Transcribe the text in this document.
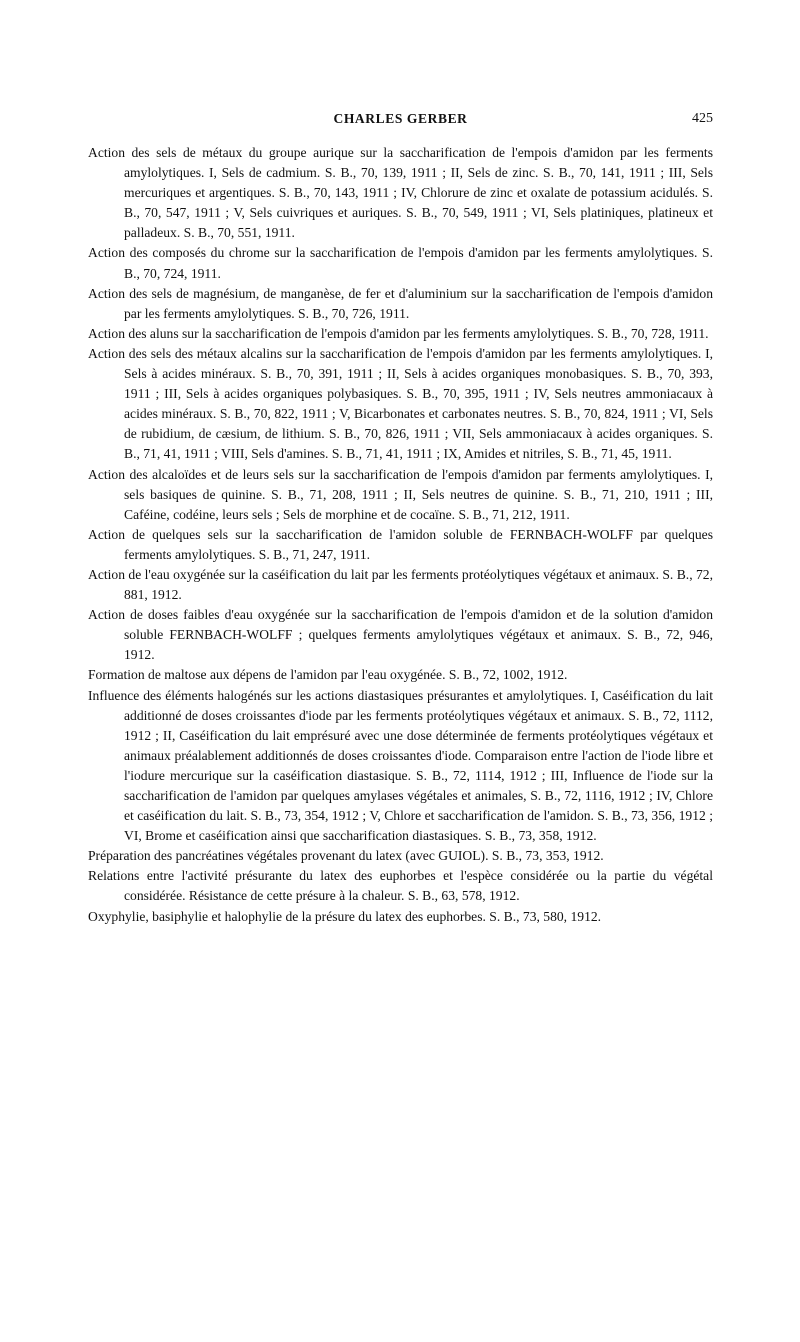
CHARLES GERBER	425
Action des sels de métaux du groupe aurique sur la saccharification de l'empois d'amidon par les ferments amylolytiques. I, Sels de cadmium. S. B., 70, 139, 1911 ; II, Sels de zinc. S. B., 70, 141, 1911 ; III, Sels mercuriques et argentiques. S. B., 70, 143, 1911 ; IV, Chlorure de zinc et oxalate de potassium acidulés. S. B., 70, 547, 1911 ; V, Sels cuivriques et auriques. S. B., 70, 549, 1911 ; VI, Sels platiniques, platineux et palladeux. S. B., 70, 551, 1911.
Action des composés du chrome sur la saccharification de l'empois d'amidon par les ferments amylolytiques. S. B., 70, 724, 1911.
Action des sels de magnésium, de manganèse, de fer et d'aluminium sur la saccharification de l'empois d'amidon par les ferments amylolytiques. S. B., 70, 726, 1911.
Action des aluns sur la saccharification de l'empois d'amidon par les ferments amylolytiques. S. B., 70, 728, 1911.
Action des sels des métaux alcalins sur la saccharification de l'empois d'amidon par les ferments amylolytiques. I, Sels à acides minéraux. S. B., 70, 391, 1911 ; II, Sels à acides organiques monobasiques. S. B., 70, 393, 1911 ; III, Sels à acides organiques polybasiques. S. B., 70, 395, 1911 ; IV, Sels neutres ammoniacaux à acides minéraux. S. B., 70, 822, 1911 ; V, Bicarbonates et carbonates neutres. S. B., 70, 824, 1911 ; VI, Sels de rubidium, de cæsium, de lithium. S. B., 70, 826, 1911 ; VII, Sels ammoniacaux à acides organiques. S. B., 71, 41, 1911 ; VIII, Sels d'amines. S. B., 71, 41, 1911 ; IX, Amides et nitriles, S. B., 71, 45, 1911.
Action des alcaloïdes et de leurs sels sur la saccharification de l'empois d'amidon par ferments amylolytiques. I, sels basiques de quinine. S. B., 71, 208, 1911 ; II, Sels neutres de quinine. S. B., 71, 210, 1911 ; III, Caféine, codéine, leurs sels ; Sels de morphine et de cocaïne. S. B., 71, 212, 1911.
Action de quelques sels sur la saccharification de l'amidon soluble de FERNBACH-WOLFF par quelques ferments amylolytiques. S. B., 71, 247, 1911.
Action de l'eau oxygénée sur la caséification du lait par les ferments protéolytiques végétaux et animaux. S. B., 72, 881, 1912.
Action de doses faibles d'eau oxygénée sur la saccharification de l'empois d'amidon et de la solution d'amidon soluble FERNBACH-WOLFF ; quelques ferments amylolytiques végétaux et animaux. S. B., 72, 946, 1912.
Formation de maltose aux dépens de l'amidon par l'eau oxygénée. S. B., 72, 1002, 1912.
Influence des éléments halogénés sur les actions diastasiques présurantes et amylolytiques. I, Caséification du lait additionné de doses croissantes d'iode par les ferments protéolytiques végétaux et animaux. S. B., 72, 1112, 1912 ; II, Caséification du lait emprésuré avec une dose déterminée de ferments protéolytiques végétaux et animaux préalablement additionnés de doses croissantes d'iode. Comparaison entre l'action de l'iode libre et l'iodure mercurique sur la caséification diastasique. S. B., 72, 1114, 1912 ; III, Influence de l'iode sur la saccharification de l'amidon par quelques amylases végétales et animales, S. B., 72, 1116, 1912 ; IV, Chlore et caséification du lait. S. B., 73, 354, 1912 ; V, Chlore et saccharification de l'amidon. S. B., 73, 356, 1912 ; VI, Brome et caséification ainsi que saccharification diastasiques. S. B., 73, 358, 1912.
Préparation des pancréatines végétales provenant du latex (avec GUIOL). S. B., 73, 353, 1912.
Relations entre l'activité présurante du latex des euphorbes et l'espèce considérée ou la partie du végétal considérée. Résistance de cette présure à la chaleur. S. B., 63, 578, 1912.
Oxyphylie, basiphylie et halophylie de la présure du latex des euphorbes. S. B., 73, 580, 1912.
